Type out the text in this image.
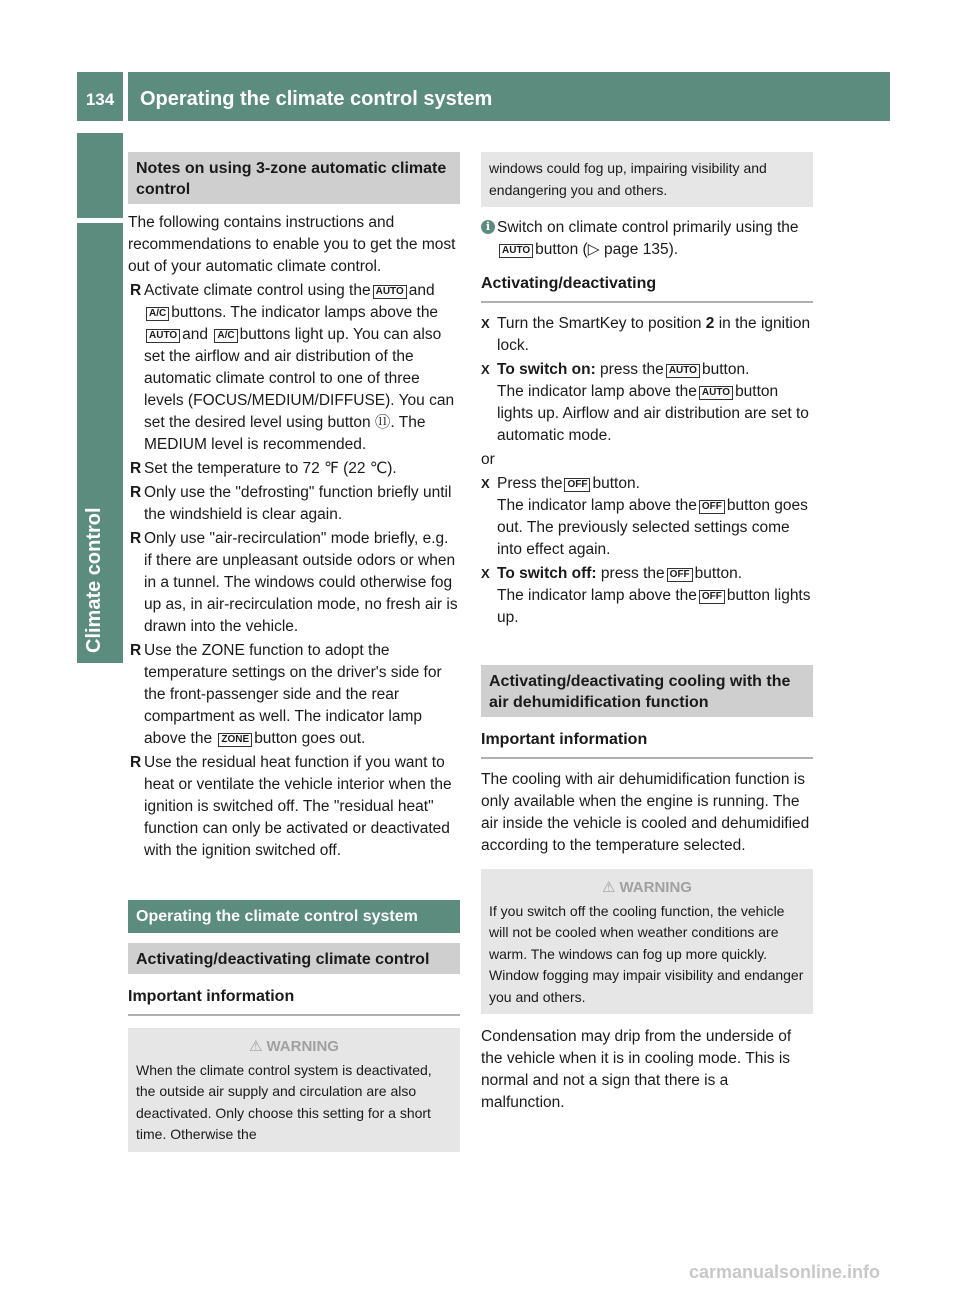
134	Operating the climate control system
Climate control
Notes on using 3-zone automatic climate control

The following contains instructions and recommendations to enable you to get the most out of your automatic climate control.

R Activate climate control using the AUTO and A/C buttons. The indicator lamps above the AUTO and A/C buttons light up. You can also set the airflow and air distribution of the automatic climate control to one of three levels (FOCUS/MEDIUM/DIFFUSE). You can set the desired level using button ⑪. The MEDIUM level is recommended.
R Set the temperature to 72 ℉ (22 ℃).
R Only use the "defrosting" function briefly until the windshield is clear again.
R Only use "air-recirculation" mode briefly, e.g. if there are unpleasant outside odors or when in a tunnel. The windows could otherwise fog up as, in air-recirculation mode, no fresh air is drawn into the vehicle.
R Use the ZONE function to adopt the temperature settings on the driver's side for the front-passenger side and the rear compartment as well. The indicator lamp above the ZONE button goes out.
R Use the residual heat function if you want to heat or ventilate the vehicle interior when the ignition is switched off. The "residual heat" function can only be activated or deactivated with the ignition switched off.
Operating the climate control system
Activating/deactivating climate control
Important information
⚠ WARNING
When the climate control system is deactivated, the outside air supply and circulation are also deactivated. Only choose this setting for a short time. Otherwise the
windows could fog up, impairing visibility and endangering you and others.
i Switch on climate control primarily using theAUTO button (▷ page 135).
Activating/deactivating
X Turn the SmartKey to position 2 in the ignition lock.
X To switch on: press the AUTO button.
The indicator lamp above the AUTO button lights up. Airflow and air distribution are set to automatic mode.

or

X Press the OFF button.
The indicator lamp above the OFF button goes out. The previously selected settings come into effect again.
X To switch off: press the OFF button.
The indicator lamp above the OFF button lights up.
Activating/deactivating cooling with the air dehumidification function
Important information

The cooling with air dehumidification function is only available when the engine is running. The air inside the vehicle is cooled and dehumidified according to the temperature selected.

⚠ WARNING
If you switch off the cooling function, the vehicle will not be cooled when weather conditions are warm. The windows can fog up more quickly. Window fogging may impair visibility and endanger you and others.

Condensation may drip from the underside of the vehicle when it is in cooling mode. This is normal and not a sign that there is a malfunction.

carmanualsonline.info
